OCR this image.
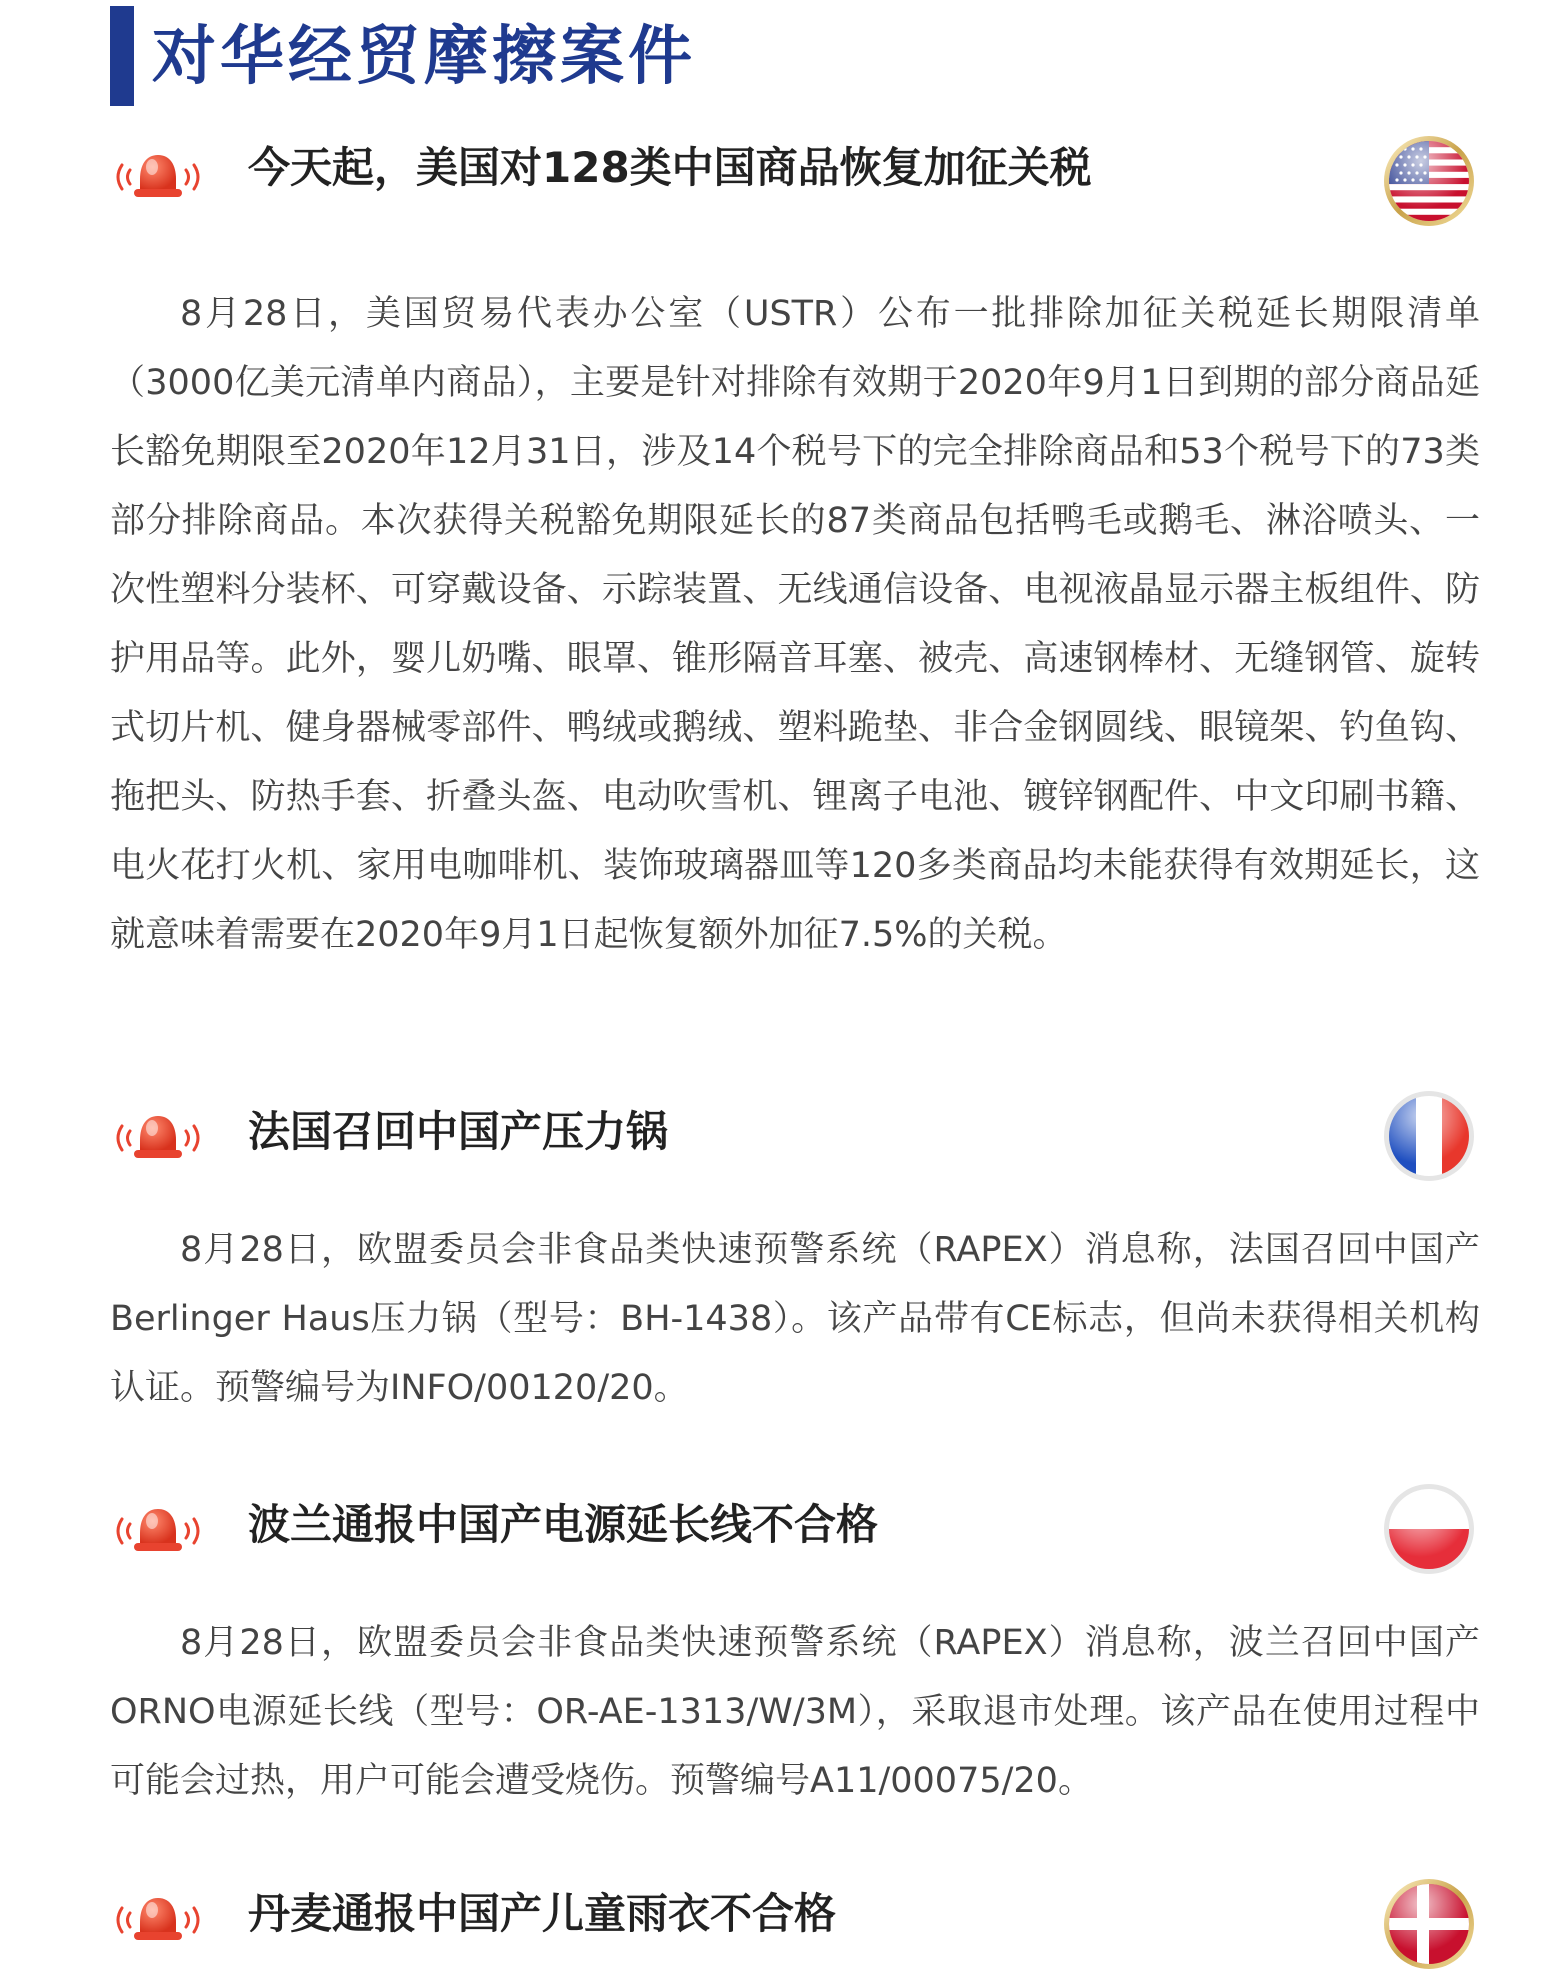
对华经贸摩擦案件
今天起，美国对128类中国商品恢复加征关税

8月28日，美国贸易代表办公室（USTR）公布一批排除加征关税延长期限清单（3000亿美元清单内商品），主要是针对排除有效期于2020年9月1日到期的部分商品延长豁免期限至2020年12月31日，涉及14个税号下的完全排除商品和53个税号下的73类部分排除商品。本次获得关税豁免期限延长的87类商品包括鸭毛或鹅毛、淋浴喷头、一次性塑料分装杯、可穿戴设备、示踪装置、无线通信设备、电视液晶显示器主板组件、防护用品等。此外，婴儿奶嘴、眼罩、锥形隔音耳塞、被壳、高速钢棒材、无缝钢管、旋转式切片机、健身器械零部件、鸭绒或鹅绒、塑料跪垫、非合金钢圆线、眼镜架、钓鱼钩、拖把头、防热手套、折叠头盔、电动吹雪机、锂离子电池、镀锌钢配件、中文印刷书籍、电火花打火机、家用电咖啡机、装饰玻璃器皿等120多类商品均未能获得有效期延长，这就意味着需要在2020年9月1日起恢复额外加征7.5%的关税。

法国召回中国产压力锅

8月28日，欧盟委员会非食品类快速预警系统（RAPEX）消息称，法国召回中国产Berlinger Haus压力锅（型号：BH-1438）。该产品带有CE标志，但尚未获得相关机构认证。预警编号为INFO/00120/20。

波兰通报中国产电源延长线不合格

8月28日，欧盟委员会非食品类快速预警系统（RAPEX）消息称，波兰召回中国产ORNO电源延长线（型号：OR-AE-1313/W/3M），采取退市处理。该产品在使用过程中可能会过热，用户可能会遭受烧伤。预警编号A11/00075/20。

丹麦通报中国产儿童雨衣不合格
